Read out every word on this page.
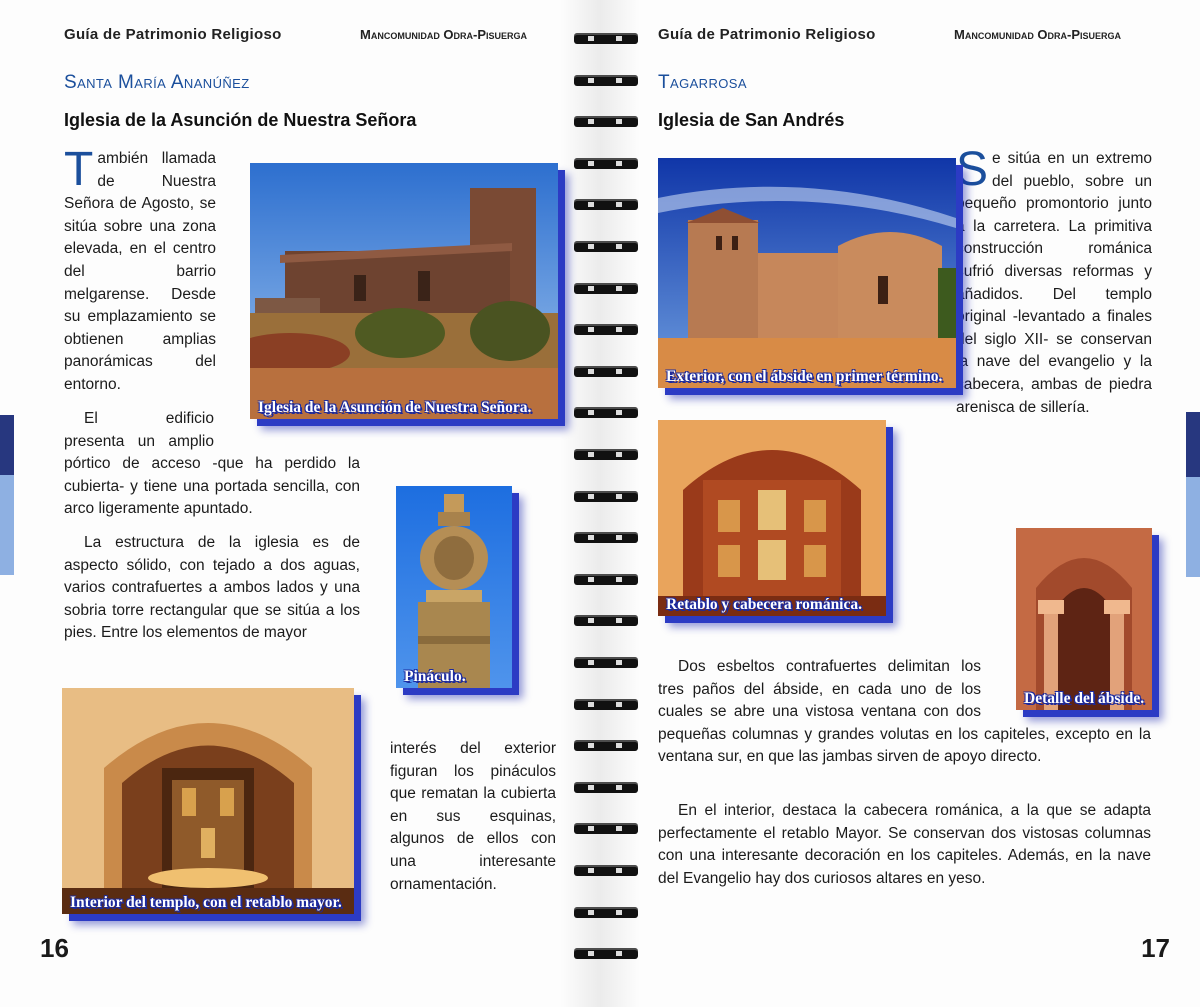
Guía de Patrimonio Religioso	Mancomunidad Odra-Pisuerga
Santa María Ananúñez
Iglesia de la Asunción de Nuestra Señora

También llamada de Nuestra Señora de Agosto, se sitúa sobre una zona elevada, en el centro del barrio melgarense. Desde su emplazamiento se obtienen amplias panorámicas del entorno.

El edificio presenta un amplio pórtico de acceso -que ha perdido la cubierta- y tiene una portada sencilla, con arco ligeramente apuntado.

La estructura de la iglesia es de aspecto sólido, con tejado a dos aguas, varios contrafuertes a ambos lados y una sobria torre rectangular que se sitúa a los pies. Entre los elementos de mayor

interés del exterior figuran los pináculos que rematan la cubierta en sus esquinas, algunos de ellos con una interesante ornamentación.

Iglesia de la Asunción de Nuestra Señora.
Pináculo.
Interior del templo, con el retablo mayor.
16
Guía de Patrimonio Religioso	Mancomunidad Odra-Pisuerga
Tagarrosa
Iglesia de San Andrés

Se sitúa en un extremo del pueblo, sobre un pequeño promontorio junto a la carretera. La primitiva construcción románica sufrió diversas reformas y añadidos. Del templo original -levantado a finales del siglo XII- se conservan la nave del evangelio y la cabecera, ambas de piedra arenisca de sillería.

Dos esbeltos contrafuertes delimitan los tres paños del ábside, en cada uno de los cuales se abre una vistosa ventana con dos pequeñas columnas y grandes volutas en los capiteles, excepto en la ventana sur, en que las jambas sirven de apoyo directo.

En el interior, destaca la cabecera románica, a la que se adapta perfectamente el retablo Mayor. Se conservan dos vistosas columnas con una interesante decoración en los capiteles. Además, en la nave del Evangelio hay dos curiosos altares en yeso.

Exterior, con el ábside en primer término.
Retablo y cabecera románica.
Detalle del ábside.
17
